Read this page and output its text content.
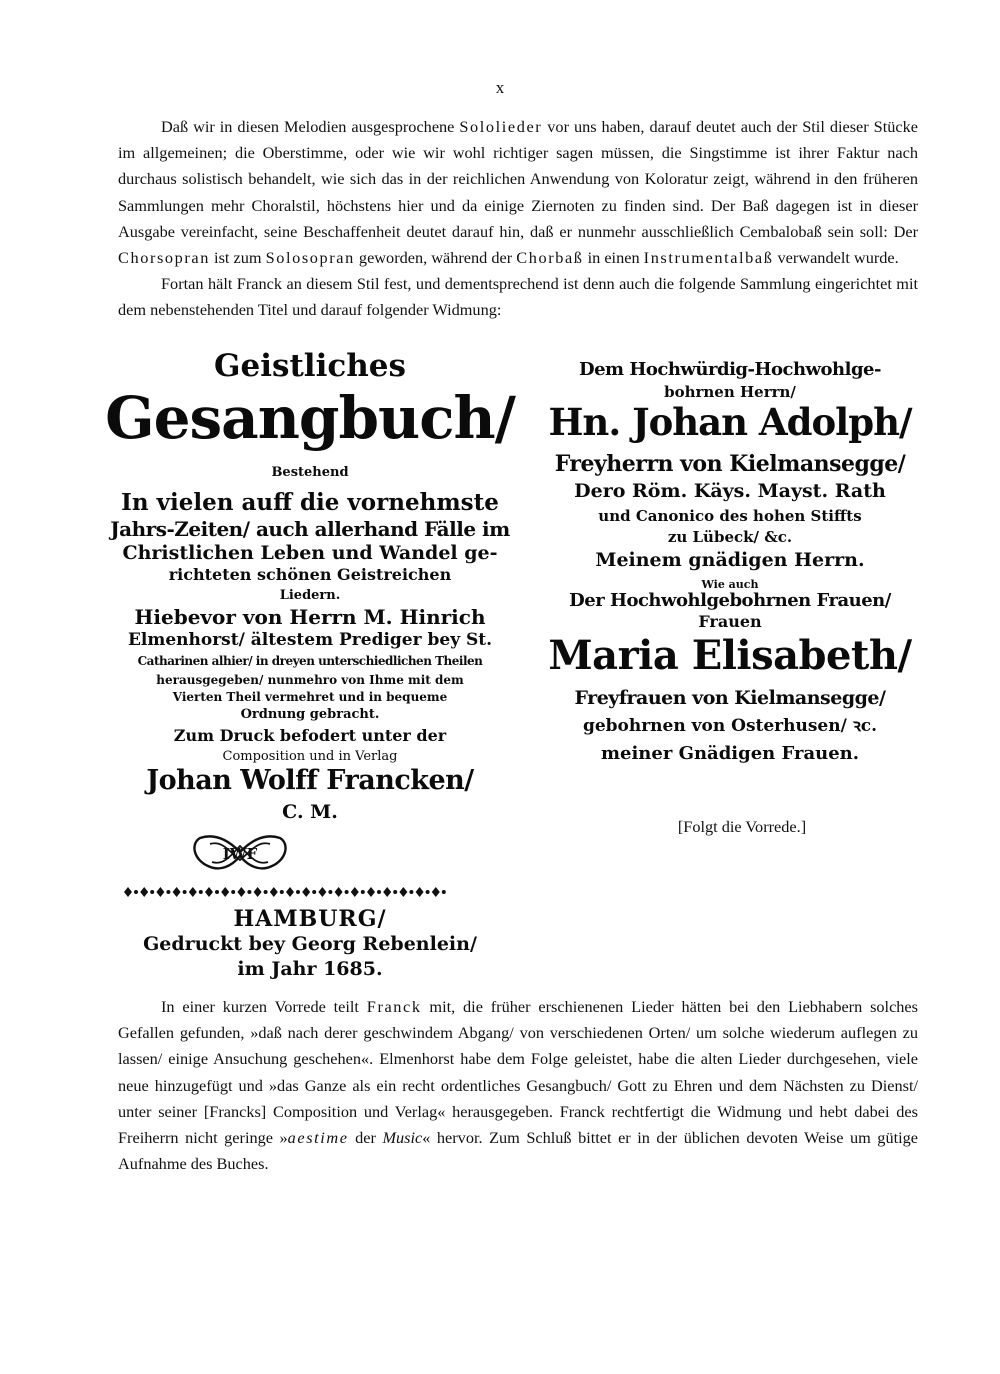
x

Daß wir in diesen Melodien ausgesprochene Sololieder vor uns haben, darauf deutet auch der Stil dieser Stücke im allgemeinen; die Oberstimme, oder wie wir wohl richtiger sagen müssen, die Singstimme ist ihrer Faktur nach durchaus solistisch behandelt, wie sich das in der reichlichen Anwendung von Koloratur zeigt, während in den früheren Sammlungen mehr Choralstil, höchstens hier und da einige Ziernoten zu finden sind. Der Baß dagegen ist in dieser Ausgabe vereinfacht, seine Beschaffenheit deutet darauf hin, daß er nunmehr ausschließlich Cembalobaß sein soll: Der Chorsopran ist zum Solosopran geworden, während der Chorbaß in einen Instrumentalbaß verwandelt wurde.

Fortan hält Franck an diesem Stil fest, und dementsprechend ist denn auch die folgende Sammlung eingerichtet mit dem nebenstehenden Titel und darauf folgender Widmung:

Geistliches
Gesangbuch/
Bestehend
In vielen auff die vornehmste
Jahrs-Zeiten/ auch allerhand Fälle im
Christlichen Leben und Wandel ge-
richteten schönen Geistreichen
Liedern.
Hiebevor von Herrn M. Hinrich
Elmenhorst/ ältestem Prediger bey St.
Catharinen alhier/ in dreyen unterschiedlichen Theilen
herausgegeben/ nunmehro von Ihme mit dem
Vierten Theil vermehret und in bequeme
Ordnung gebracht.
Zum Druck befodert unter der
Composition und in Verlag
Johan Wolff Francken/
C. M.
HAMBURG/
Gedruckt bey Georg Rebenlein/
im Jahr 1685.
IWF
Dem Hochwürdig-Hochwohlge-
bohrnen Herrn/
Hn. Johan Adolph/
Freyherrn von Kielmansegge/
Dero Röm. Käys. Mayst. Rath
und Canonico des hohen Stiffts
zu Lübeck/ &c.
Meinem gnädigen Herrn.
Wie auch
Der Hochwohlgebohrnen Frauen/
Frauen
Maria Elisabeth/
Freyfrauen von Kielmansegge/
gebohrnen von Osterhusen/ ꝛc.
meiner Gnädigen Frauen.
[Folgt die Vorrede.]

In einer kurzen Vorrede teilt Franck mit, die früher erschienenen Lieder hätten bei den Liebhabern solches Gefallen gefunden, »daß nach derer geschwindem Abgang/ von verschiedenen Orten/ um solche wiederum auflegen zu lassen/ einige Ansuchung geschehen«. Elmenhorst habe dem Folge geleistet, habe die alten Lieder durchgesehen, viele neue hinzugefügt und »das Ganze als ein recht ordentliches Gesangbuch/ Gott zu Ehren und dem Nächsten zu Dienst/ unter seiner [Francks] Composition und Verlag« herausgegeben. Franck rechtfertigt die Widmung und hebt dabei des Freiherrn nicht geringe »aestime der Music« hervor. Zum Schluß bittet er in der üblichen devoten Weise um gütige Aufnahme des Buches.
